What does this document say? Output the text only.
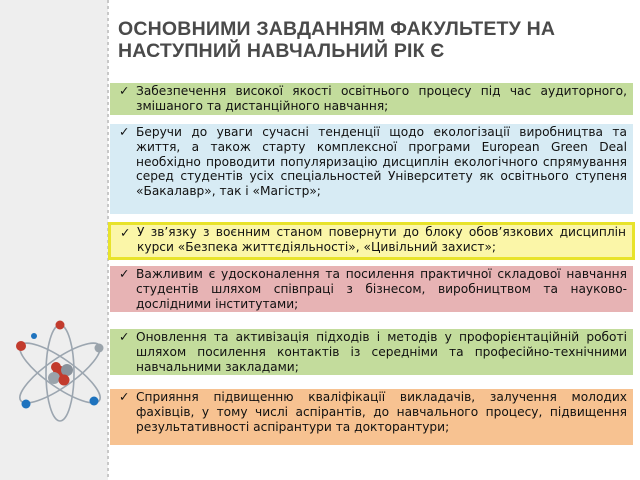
ОСНОВНИМИ ЗАВДАННЯМ ФАКУЛЬТЕТУ НА НАСТУПНИЙ НАВЧАЛЬНИЙ РІК Є
✓ Забезпечення високої якості освітнього процесу під час аудиторного, змішаного та дистанційного навчання;
✓ Беручи до уваги сучасні тенденції щодо екологізації виробництва та життя, а також старту комплексної програми European Green Deal необхідно проводити популяризацію дисциплін екологічного спрямування серед студентів усіх спеціальностей Університету як освітнього ступеня «Бакалавр», так і «Магістр»;
✓ У зв’язку з воєнним станом повернути до блоку обов’язкових дисциплін курси «Безпека життєдіяльності», «Цивільний захист»;
✓ Важливим є удосконалення та посилення практичної складової навчання студентів шляхом співпраці з бізнесом, виробництвом та науково-дослідними інститутами;
✓ Оновлення та активізація підходів і методів у профорієнтаційній роботі шляхом посилення контактів із середніми та професійно-технічними навчальними закладами;
✓ Сприяння підвищенню кваліфікації викладачів, залучення молодих фахівців, у тому числі аспірантів, до навчального процесу, підвищення результативності аспірантури та докторантури;
